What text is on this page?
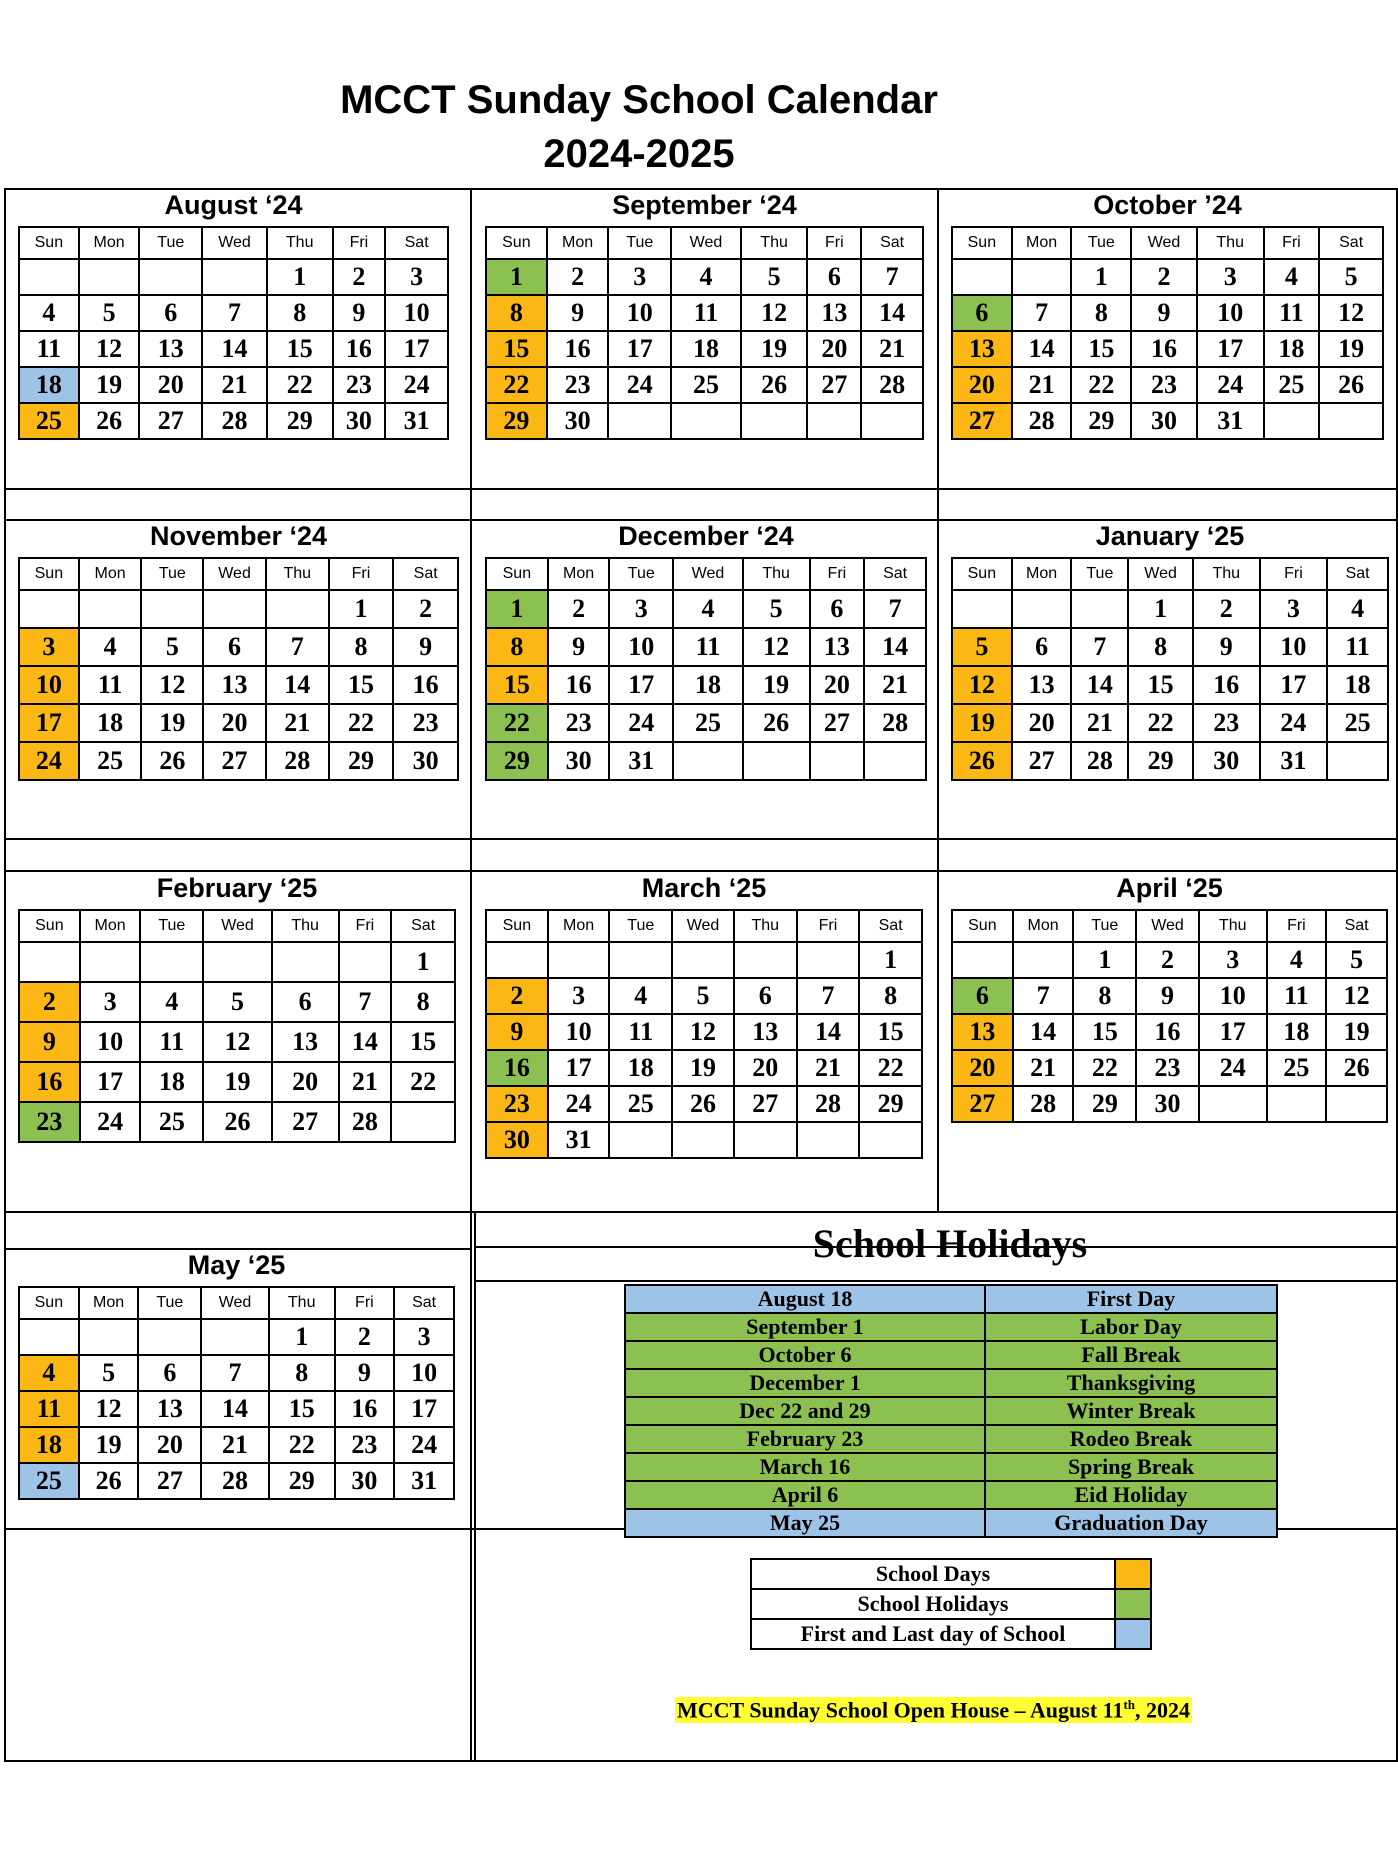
MCCT Sunday School Calendar
2024-2025
August ‘24
Sun	Mon	Tue	Wed	Thu	Fri	Sat
				1	2	3
4	5	6	7	8	9	10
11	12	13	14	15	16	17
18	19	20	21	22	23	24
25	26	27	28	29	30	31
September ‘24
Sun	Mon	Tue	Wed	Thu	Fri	Sat
1	2	3	4	5	6	7
8	9	10	11	12	13	14
15	16	17	18	19	20	21
22	23	24	25	26	27	28
29	30					
October ’24
Sun	Mon	Tue	Wed	Thu	Fri	Sat
		1	2	3	4	5
6	7	8	9	10	11	12
13	14	15	16	17	18	19
20	21	22	23	24	25	26
27	28	29	30	31		
November ‘24
Sun	Mon	Tue	Wed	Thu	Fri	Sat
					1	2
3	4	5	6	7	8	9
10	11	12	13	14	15	16
17	18	19	20	21	22	23
24	25	26	27	28	29	30
December ‘24
Sun	Mon	Tue	Wed	Thu	Fri	Sat
1	2	3	4	5	6	7
8	9	10	11	12	13	14
15	16	17	18	19	20	21
22	23	24	25	26	27	28
29	30	31				
January ‘25
Sun	Mon	Tue	Wed	Thu	Fri	Sat
			1	2	3	4
5	6	7	8	9	10	11
12	13	14	15	16	17	18
19	20	21	22	23	24	25
26	27	28	29	30	31	
February ‘25
Sun	Mon	Tue	Wed	Thu	Fri	Sat
						1
2	3	4	5	6	7	8
9	10	11	12	13	14	15
16	17	18	19	20	21	22
23	24	25	26	27	28	
March ‘25
Sun	Mon	Tue	Wed	Thu	Fri	Sat
						1
2	3	4	5	6	7	8
9	10	11	12	13	14	15
16	17	18	19	20	21	22
23	24	25	26	27	28	29
30	31					
April ‘25
Sun	Mon	Tue	Wed	Thu	Fri	Sat
		1	2	3	4	5
6	7	8	9	10	11	12
13	14	15	16	17	18	19
20	21	22	23	24	25	26
27	28	29	30			
May ‘25
Sun	Mon	Tue	Wed	Thu	Fri	Sat
				1	2	3
4	5	6	7	8	9	10
11	12	13	14	15	16	17
18	19	20	21	22	23	24
25	26	27	28	29	30	31
School Holidays
August 18	First Day
September 1	Labor Day
October 6	Fall Break
December 1	Thanksgiving
Dec 22 and 29	Winter Break
February 23	Rodeo Break
March 16	Spring Break
April 6	Eid Holiday
May 25	Graduation Day
School Days	
School Holidays	
First and Last day of School	
MCCT Sunday School Open House – August 11th, 2024
